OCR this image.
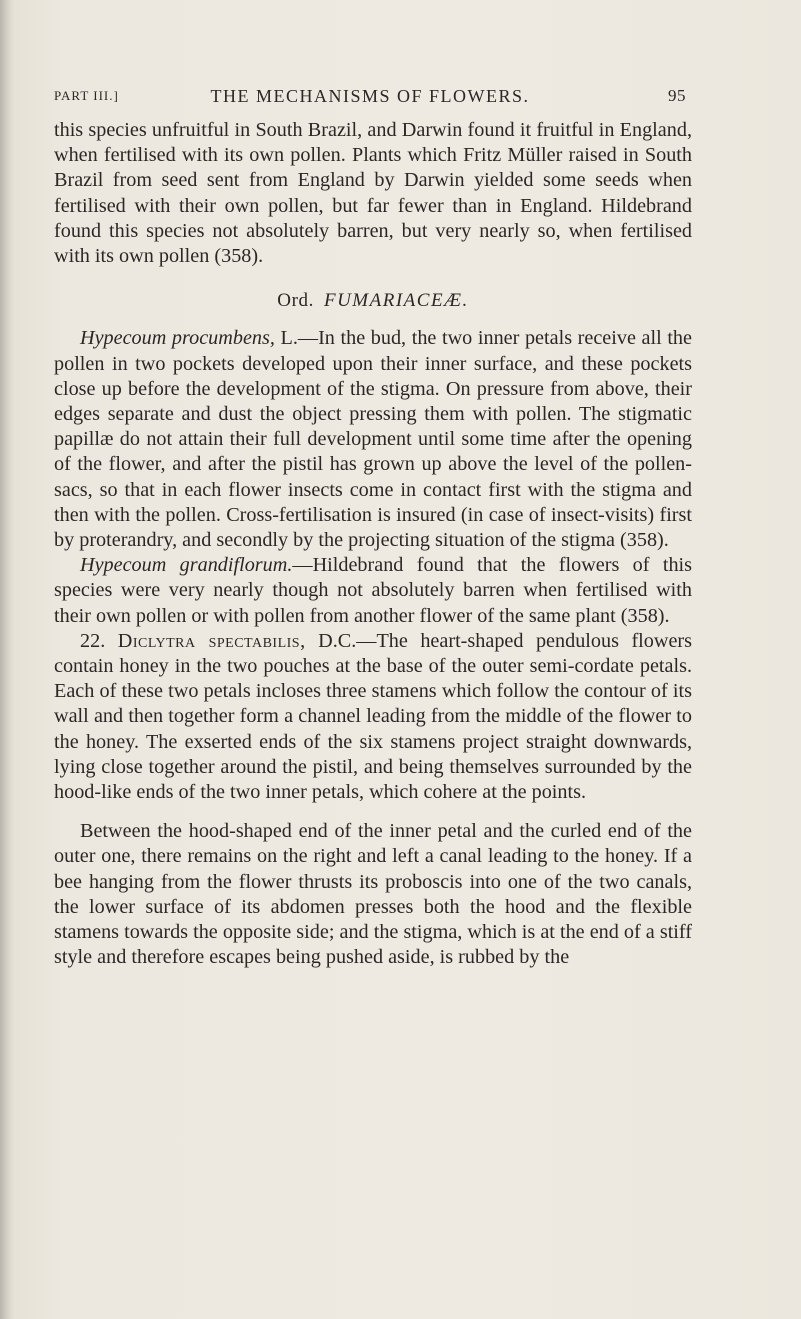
PART III.]	THE MECHANISMS OF FLOWERS.	95

this species unfruitful in South Brazil, and Darwin found it fruitful in England, when fertilised with its own pollen. Plants which Fritz Müller raised in South Brazil from seed sent from England by Darwin yielded some seeds when fertilised with their own pollen, but far fewer than in England. Hildebrand found this species not absolutely barren, but very nearly so, when fertilised with its own pollen (358).

Ord. FUMARIACEÆ.

Hypecoum procumbens, L.—In the bud, the two inner petals receive all the pollen in two pockets developed upon their inner surface, and these pockets close up before the development of the stigma. On pressure from above, their edges separate and dust the object pressing them with pollen. The stigmatic papillæ do not attain their full development until some time after the opening of the flower, and after the pistil has grown up above the level of the pollen-sacs, so that in each flower insects come in contact first with the stigma and then with the pollen. Cross-fertilisation is insured (in case of insect-visits) first by proterandry, and secondly by the projecting situation of the stigma (358).

Hypecoum grandiflorum.—Hildebrand found that the flowers of this species were very nearly though not absolutely barren when fertilised with their own pollen or with pollen from another flower of the same plant (358).

22. Diclytra spectabilis, D.C.—The heart-shaped pendulous flowers contain honey in the two pouches at the base of the outer semi-cordate petals. Each of these two petals incloses three stamens which follow the contour of its wall and then together form a channel leading from the middle of the flower to the honey. The exserted ends of the six stamens project straight downwards, lying close together around the pistil, and being themselves surrounded by the hood-like ends of the two inner petals, which cohere at the points.

Between the hood-shaped end of the inner petal and the curled end of the outer one, there remains on the right and left a canal leading to the honey. If a bee hanging from the flower thrusts its proboscis into one of the two canals, the lower surface of its abdomen presses both the hood and the flexible stamens towards the opposite side; and the stigma, which is at the end of a stiff style and therefore escapes being pushed aside, is rubbed by the
